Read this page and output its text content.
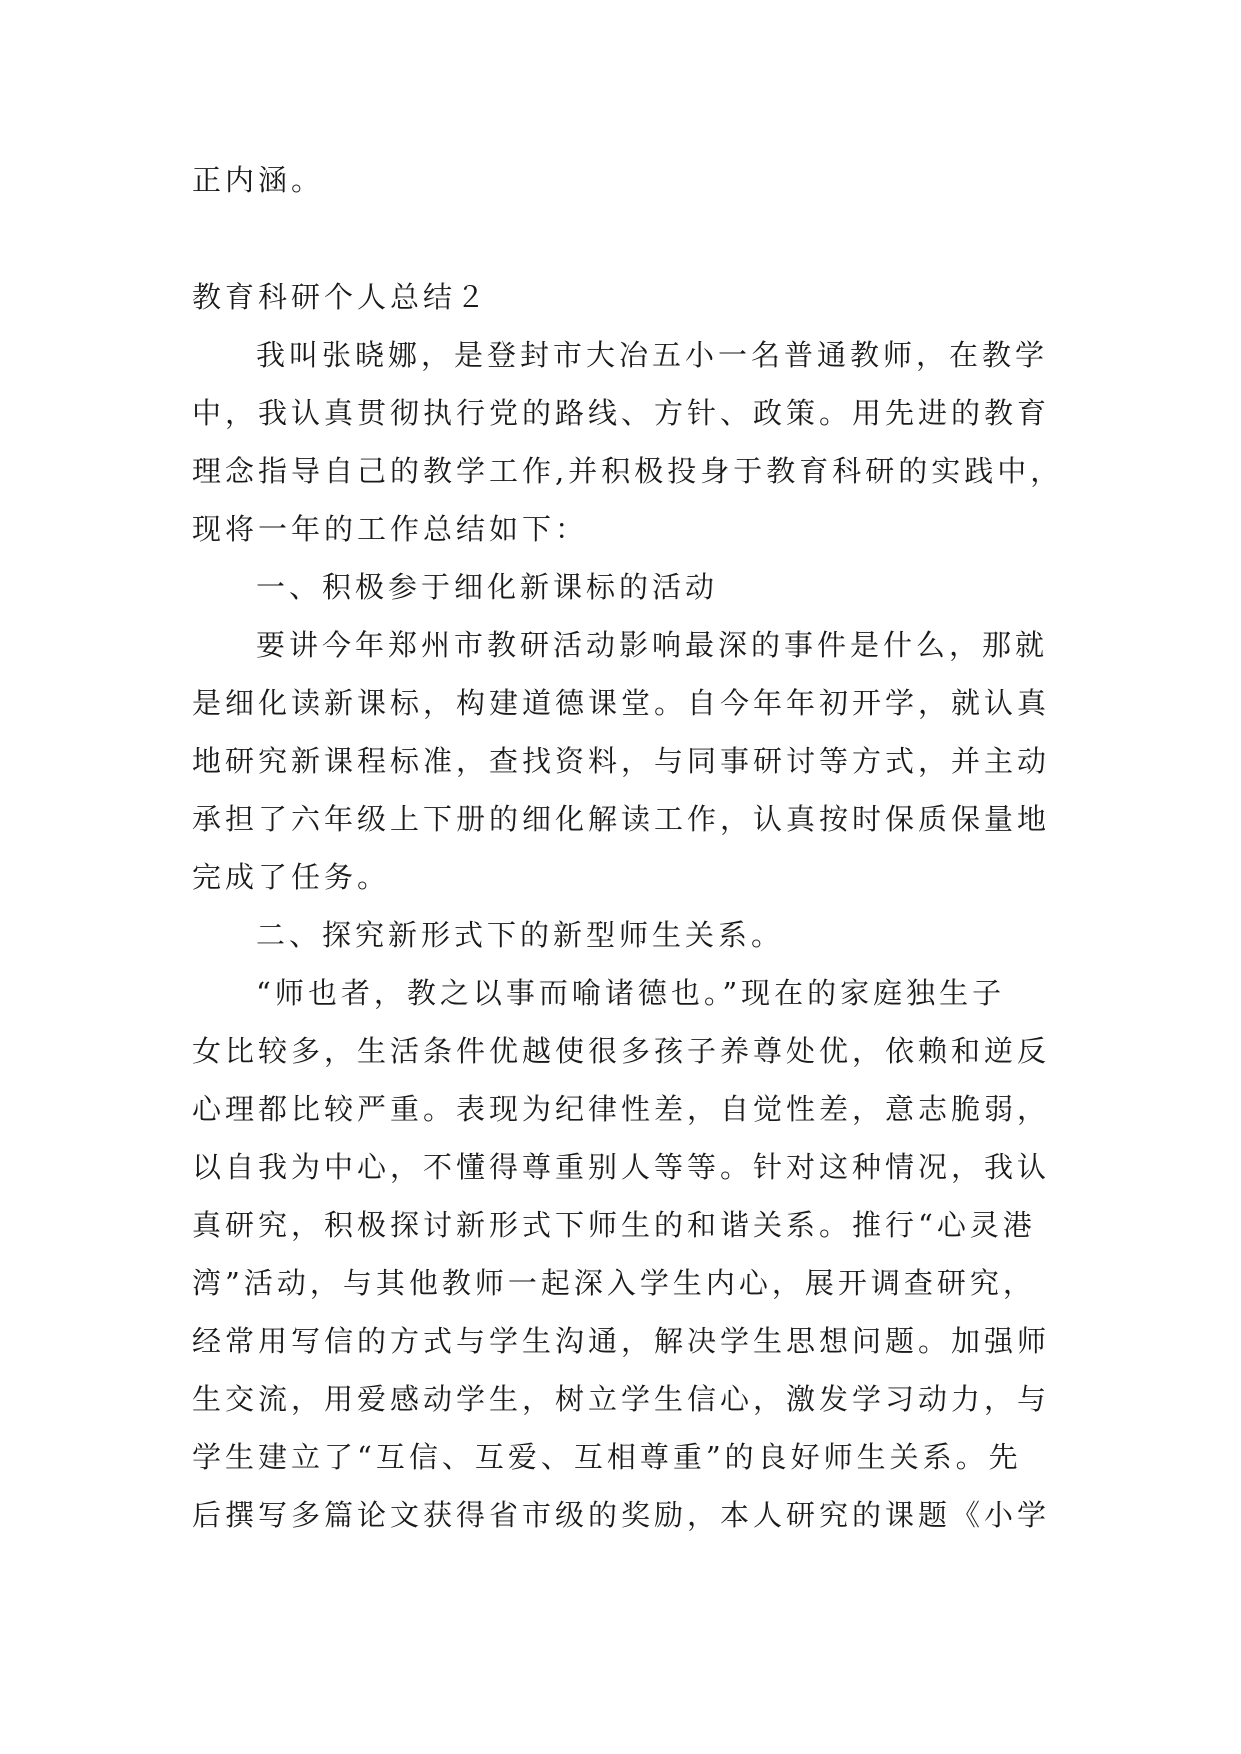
正内涵。
教育科研个人总结２
我叫张晓娜，是登封市大冶五小一名普通教师，在教学
中，我认真贯彻执行党的路线、方针、政策。用先进的教育
理念指导自己的教学工作,并积极投身于教育科研的实践中，
现将一年的工作总结如下：
一、积极参于细化新课标的活动
要讲今年郑州市教研活动影响最深的事件是什么，那就
是细化读新课标，构建道德课堂。自今年年初开学，就认真
地研究新课程标准，查找资料，与同事研讨等方式，并主动
承担了六年级上下册的细化解读工作，认真按时保质保量地
完成了任务。
二、探究新形式下的新型师生关系。
“师也者，教之以事而喻诸德也。”现在的家庭独生子
女比较多，生活条件优越使很多孩子养尊处优，依赖和逆反
心理都比较严重。表现为纪律性差，自觉性差，意志脆弱，
以自我为中心，不懂得尊重别人等等。针对这种情况，我认
真研究，积极探讨新形式下师生的和谐关系。推行“心灵港
湾”活动，与其他教师一起深入学生内心，展开调查研究，
经常用写信的方式与学生沟通，解决学生思想问题。加强师
生交流，用爱感动学生，树立学生信心，激发学习动力，与
学生建立了“互信、互爱、互相尊重”的良好师生关系。先
后撰写多篇论文获得省市级的奖励，本人研究的课题《小学
